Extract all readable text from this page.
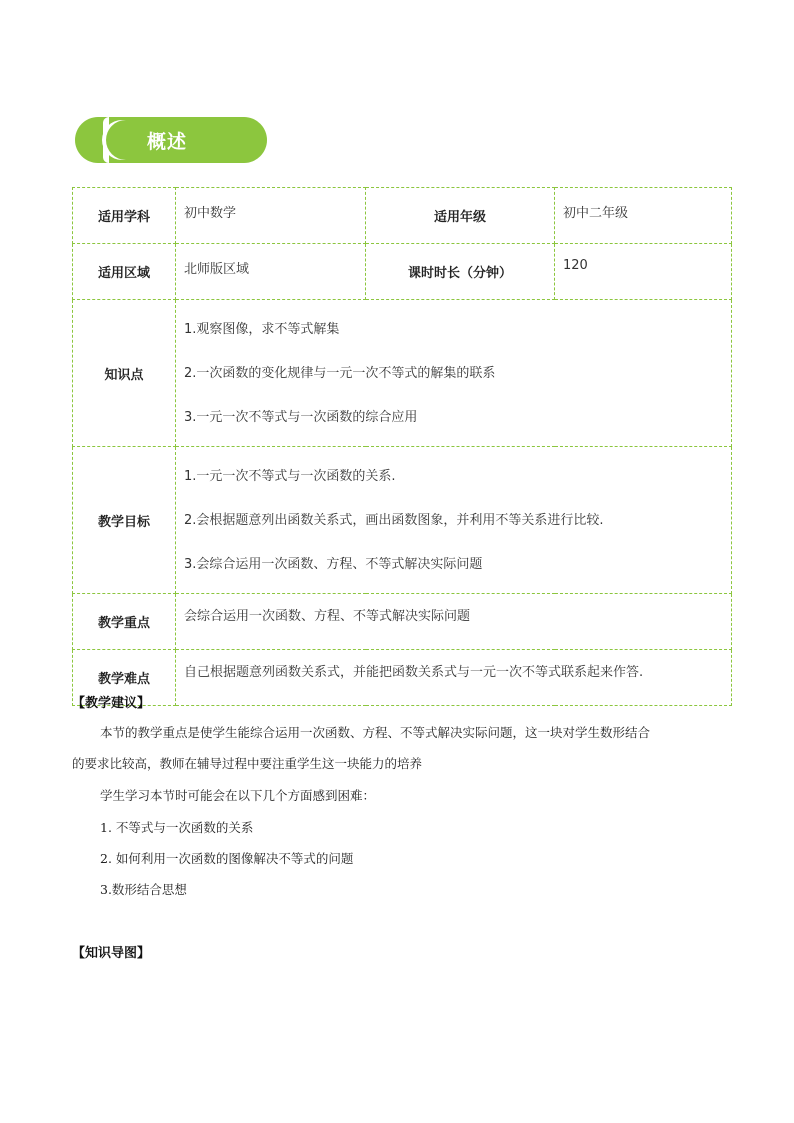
概述
适用学科	初中数学	适用年级	初中二年级
适用区域	北师版区域	课时时长（分钟）	120
知识点	1.观察图像，求不等式解集

2.一次函数的变化规律与一元一次不等式的解集的联系

3.一元一次不等式与一次函数的综合应用		

教学目标	1.一元一次不等式与一次函数的关系.

2.会根据题意列出函数关系式，画出函数图象，并利用不等关系进行比较.

3.会综合运用一次函数、方程、不等式解决实际问题		

教学重点	会综合运用一次函数、方程、不等式解决实际问题		
教学难点	自己根据题意列函数关系式，并能把函数关系式与一元一次不等式联系起来作答.		
【教学建议】
本节的教学重点是使学生能综合运用一次函数、方程、不等式解决实际问题，这一块对学生数形结合
的要求比较高，教师在辅导过程中要注重学生这一块能力的培养
学生学习本节时可能会在以下几个方面感到困难：
1. 不等式与一次函数的关系
2. 如何利用一次函数的图像解决不等式的问题
3.数形结合思想
【知识导图】
